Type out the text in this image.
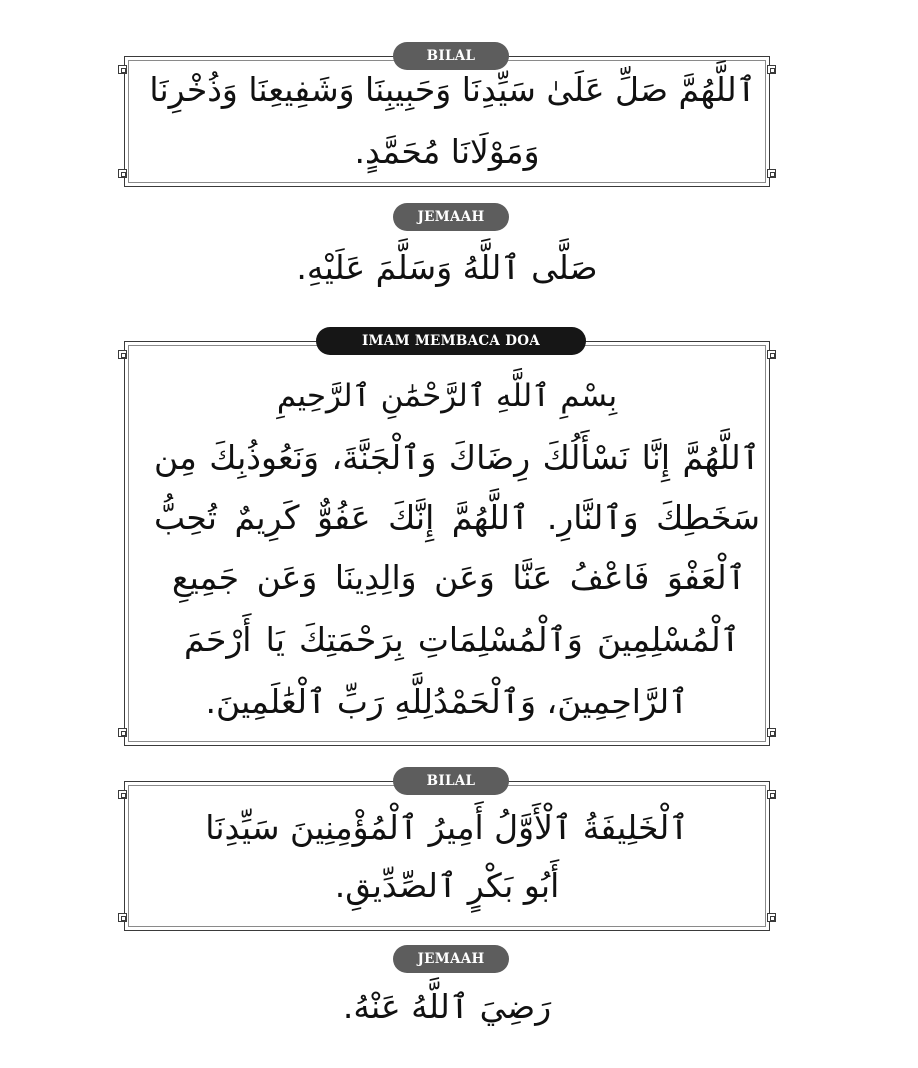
BILAL
ٱللَّهُمَّ صَلِّ عَلَىٰ سَيِّدِنَا وَحَبِيبِنَا وَشَفِيعِنَا وَذُخْرِنَا
وَمَوْلَانَا مُحَمَّدٍ.
JEMAAH
صَلَّى ٱللَّهُ وَسَلَّمَ عَلَيْهِ.
IMAM MEMBACA DOA
بِسْمِ ٱللَّهِ ٱلرَّحْمَٰنِ ٱلرَّحِيمِ
ٱللَّهُمَّ إِنَّا نَسْأَلُكَ رِضَاكَ وَٱلْجَنَّةَ، وَنَعُوذُبِكَ مِن
سَخَطِكَ وَٱلنَّارِ. ٱللَّهُمَّ إِنَّكَ عَفُوٌّ كَرِيمٌ تُحِبُّ
ٱلْعَفْوَ فَاعْفُ عَنَّا وَعَن وَالِدِينَا وَعَن جَمِيعِ
ٱلْمُسْلِمِينَ وَٱلْمُسْلِمَاتِ بِرَحْمَتِكَ يَا أَرْحَمَ
ٱلرَّاحِمِينَ، وَٱلْحَمْدُلِلَّهِ رَبِّ ٱلْعَٰلَمِينَ.
BILAL
ٱلْخَلِيفَةُ ٱلْأَوَّلُ أَمِيرُ ٱلْمُؤْمِنِينَ سَيِّدِنَا
أَبُو بَكْرٍ ٱلصِّدِّيقِ.
JEMAAH
رَضِيَ ٱللَّهُ عَنْهُ.
